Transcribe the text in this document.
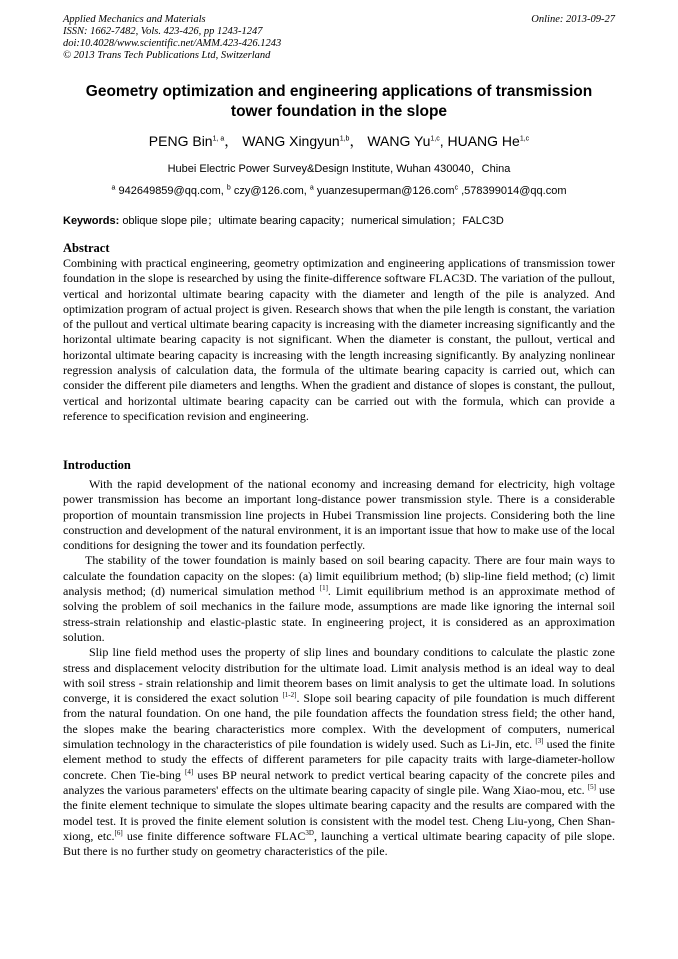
Applied Mechanics and Materials
ISSN: 1662-7482, Vols. 423-426, pp 1243-1247
doi:10.4028/www.scientific.net/AMM.423-426.1243
© 2013 Trans Tech Publications Ltd, Switzerland
Online: 2013-09-27
Geometry optimization and engineering applications of transmission tower foundation in the slope
PENG Bin$^{1, a}$， WANG Xingyun$^{1,b}$， WANG Yu$^{1,c}$, HUANG He$^{1,c}$
Hubei Electric Power Survey&Design Institute, Wuhan 430040，China
$^a$ 942649859@qq.com, $^b$ czy@126.com, $^a$ yuanzesuperman@126.com$^c$ ,578399014@qq.com
Keywords: oblique slope pile；ultimate bearing capacity；numerical simulation；FALC3D
Abstract

Combining with practical engineering, geometry optimization and engineering applications of transmission tower foundation in the slope is researched by using the finite-difference software FLAC3D. The variation of the pullout, vertical and horizontal ultimate bearing capacity with the diameter and length of the pile is analyzed. And optimization program of actual project is given. Research shows that when the pile length is constant, the variation of the pullout and vertical ultimate bearing capacity is increasing with the diameter increasing significantly and the horizontal ultimate bearing capacity is not significant. When the diameter is constant, the pullout, vertical and horizontal ultimate bearing capacity is increasing with the length increasing significantly. By analyzing nonlinear regression analysis of calculation data, the formula of the ultimate bearing capacity is carried out, which can consider the different pile diameters and lengths. When the gradient and distance of slopes is constant, the pullout, vertical and horizontal ultimate bearing capacity can be carried out with the formula, which can provide a reference to specification revision and engineering.

Introduction

With the rapid development of the national economy and increasing demand for electricity, high voltage power transmission has become an important long-distance power transmission style. There is a considerable proportion of mountain transmission line projects in Hubei Transmission line projects. Considering both the line construction and development of the natural environment, it is an important issue that how to make use of the local conditions for designing the tower and its foundation perfectly.

The stability of the tower foundation is mainly based on soil bearing capacity. There are four main ways to calculate the foundation capacity on the slopes: (a) limit equilibrium method; (b) slip-line field method; (c) limit analysis method; (d) numerical simulation method [1]. Limit equilibrium method is an approximate method of solving the problem of soil mechanics in the failure mode, assumptions are made like ignoring the internal soil stress-strain relationship and elastic-plastic state. In engineering project, it is considered as an approximation solution.

Slip line field method uses the property of slip lines and boundary conditions to calculate the plastic zone stress and displacement velocity distribution for the ultimate load. Limit analysis method is an ideal way to deal with soil stress - strain relationship and limit theorem bases on limit analysis to get the ultimate load. In solutions converge, it is considered the exact solution [1-2]. Slope soil bearing capacity of pile foundation is much different from the natural foundation. On one hand, the pile foundation affects the foundation stress field; the other hand, the slopes make the bearing characteristics more complex. With the development of computers, numerical simulation technology in the characteristics of pile foundation is widely used. Such as Li-Jin, etc. [3] used the finite element method to study the effects of different parameters for pile capacity traits with large-diameter-hollow concrete. Chen Tie-bing [4] uses BP neural network to predict vertical bearing capacity of the concrete piles and analyzes the various parameters' effects on the ultimate bearing capacity of single pile. Wang Xiao-mou, etc. [5] use the finite element technique to simulate the slopes ultimate bearing capacity and the results are compared with the model test. It is proved the finite element solution is consistent with the model test. Cheng Liu-yong, Chen Shan-xiong, etc.[6] use finite difference software $FLAC^{3D}$, launching a vertical ultimate bearing capacity of pile slope. But there is no further study on geometry characteristics of the pile.
